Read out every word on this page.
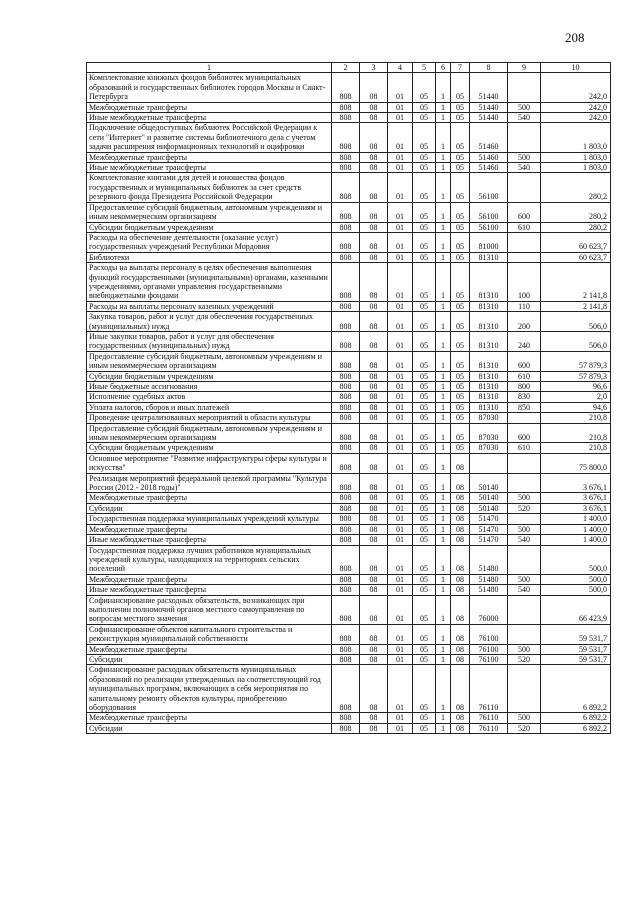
208
1	2	3	4	5	6	7	8	9	10
Комплектование книжных фондов библиотек муниципальных образований и государственных библиотек городов Москвы и Санкт-Петербурга	808	08	01	05	1	05	51440		242,0
Межбюджетные трансферты	808	08	01	05	1	05	51440	500	242,0
Иные межбюджетные трансферты	808	08	01	05	1	05	51440	540	242,0
Подключение общедоступных библиотек Российской Федерации к сети "Интернет" и развитие системы библиотечного дела с учетом задачи расширения информационных технологий и оцифровки	808	08	01	05	1	05	51460		1 803,0
Межбюджетные трансферты	808	08	01	05	1	05	51460	500	1 803,0
Иные межбюджетные трансферты	808	08	01	05	1	05	51460	540	1 803,0
Комплектование книгами для детей и юношества фондов государственных и муниципальных библиотек за счет средств резервного фонда Президента Российской Федерации	808	08	01	05	1	05	56100		280,2
Предоставление субсидий бюджетным, автономным учреждениям и иным некоммерческим организациям	808	08	01	05	1	05	56100	600	280,2
Субсидии бюджетным учреждениям	808	08	01	05	1	05	56100	610	280,2
Расходы на обеспечение деятельности (оказание услуг) государственных учреждений Республики Мордовия	808	08	01	05	1	05	81000		60 623,7
Библиотеки	808	08	01	05	1	05	81310		60 623,7
Расходы на выплаты персоналу в целях обеспечения выполнения функций государственными (муниципальными) органами, казенными учреждениями, органами управления государственными внебюджетными фондами	808	08	01	05	1	05	81310	100	2 141,8
Расходы на выплаты персоналу казенных учреждений	808	08	01	05	1	05	81310	110	2 141,8
Закупка товаров, работ и услуг для обеспечения государственных (муниципальных) нужд	808	08	01	05	1	05	81310	200	506,0
Иные закупки товаров, работ и услуг для обеспечения государственных (муниципальных) нужд	808	08	01	05	1	05	81310	240	506,0
Предоставление субсидий бюджетным, автономным учреждениям и иным некоммерческим организациям	808	08	01	05	1	05	81310	600	57 879,3
Субсидии бюджетным учреждениям	808	08	01	05	1	05	81310	610	57 879,3
Иные бюджетные ассигнования	808	08	01	05	1	05	81310	800	96,6
Исполнение судебных актов	808	08	01	05	1	05	81310	830	2,0
Уплата налогов, сборов и иных платежей	808	08	01	05	1	05	81310	850	94,6
Проведение централизованных мероприятий в области культуры	808	08	01	05	1	05	87030		210,8
Предоставление субсидий бюджетным, автономным учреждениям и иным некоммерческим организациям	808	08	01	05	1	05	87030	600	210,8
Субсидии бюджетным учреждениям	808	08	01	05	1	05	87030	610	210,8
Основное мероприятие "Развитие инфраструктуры сферы культуры и искусства"	808	08	01	05	1	08			75 800,0
Реализация мероприятий федеральной целевой программы "Культура России (2012 - 2018 годы)"	808	08	01	05	1	08	50140		3 676,1
Межбюджетные трансферты	808	08	01	05	1	08	50140	500	3 676,1
Субсидии	808	08	01	05	1	08	50140	520	3 676,1
Государственная поддержка муниципальных учреждений культуры	808	08	01	05	1	08	51470		1 400,0
Межбюджетные трансферты	808	08	01	05	1	08	51470	500	1 400,0
Иные межбюджетные трансферты	808	08	01	05	1	08	51470	540	1 400,0
Государственная поддержка лучших работников муниципальных учреждений культуры, находящихся на территориях сельских поселений	808	08	01	05	1	08	51480		500,0
Межбюджетные трансферты	808	08	01	05	1	08	51480	500	500,0
Иные межбюджетные трансферты	808	08	01	05	1	08	51480	540	500,0
Софинансирование расходных обязательств, возникающих при выполнении полномочий органов местного самоуправления по вопросам местного значения	808	08	01	05	1	08	76000		66 423,9
Софинансирование объектов капитального строительства и реконструкция муниципальной собственности	808	08	01	05	1	08	76100		59 531,7
Межбюджетные трансферты	808	08	01	05	1	08	76100	500	59 531,7
Субсидии	808	08	01	05	1	08	76100	520	59 531,7
Софинансирование расходных обязательств муниципальных образований по реализации утвержденных на соответствующий год муниципальных программ, включающих в себя мероприятия по капитальному ремонту объектов культуры, приобретению оборудования	808	08	01	05	1	08	76110		6 892,2
Межбюджетные трансферты	808	08	01	05	1	08	76110	500	6 892,2
Субсидии	808	08	01	05	1	08	76110	520	6 892,2
